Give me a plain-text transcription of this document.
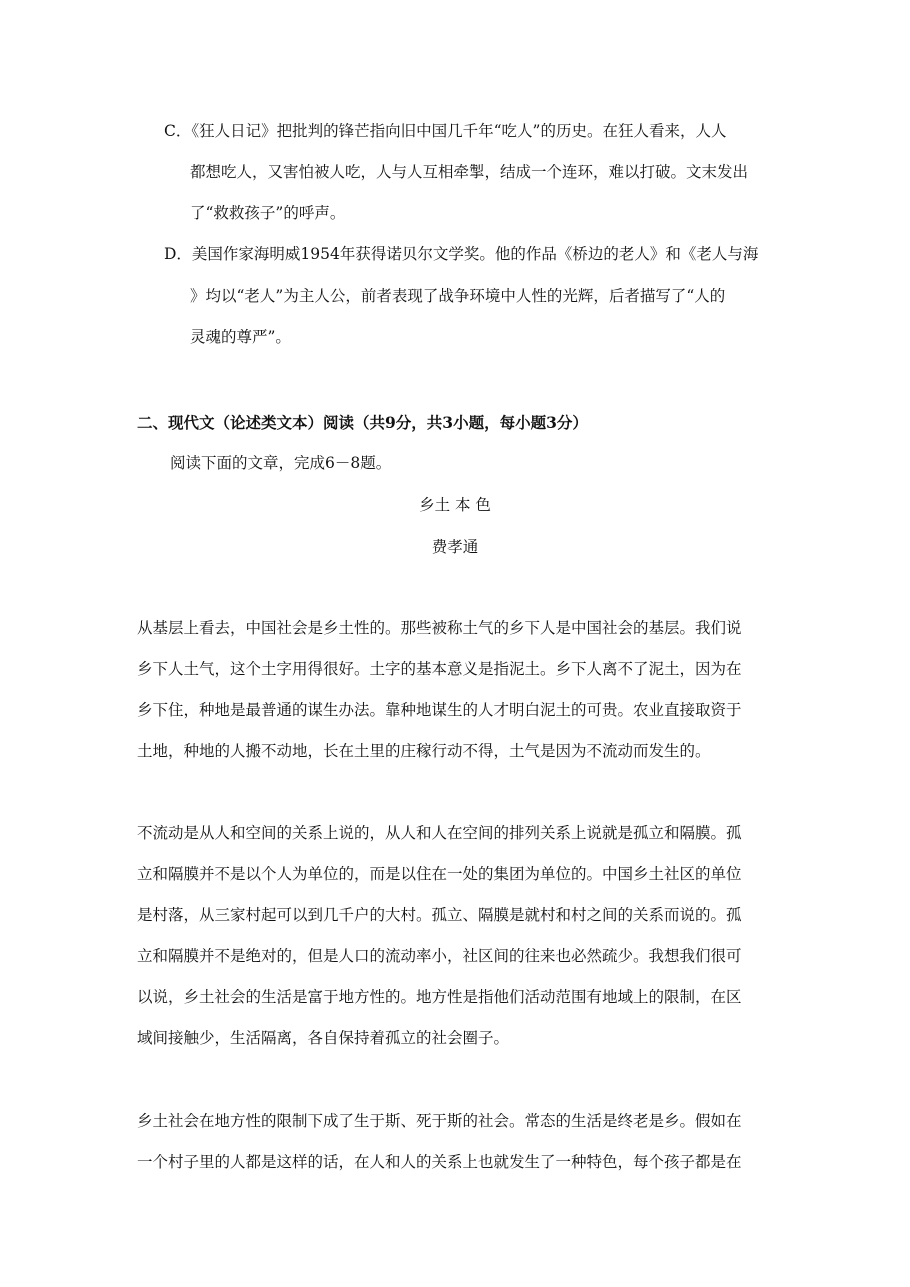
C．《狂人日记》把批判的锋芒指向旧中国几千年“吃人”的历史。在狂人看来，人人
都想吃人，又害怕被人吃，人与人互相牵掣，结成一个连环，难以打破。文末发出
了“救救孩子”的呼声。
D．美国作家海明威1954年获得诺贝尔文学奖。他的作品《桥边的老人》和《老人与海
》均以“老人”为主人公，前者表现了战争环境中人性的光辉，后者描写了“人的
灵魂的尊严”。
二、现代文（论述类文本）阅读（共9分，共3小题，每小题3分）
阅读下面的文章，完成6－8题。
乡土 本 色
费孝通
从基层上看去，中国社会是乡土性的。那些被称土气的乡下人是中国社会的基层。我们说
乡下人土气，这个土字用得很好。土字的基本意义是指泥土。乡下人离不了泥土，因为在
乡下住，种地是最普通的谋生办法。靠种地谋生的人才明白泥土的可贵。农业直接取资于
土地，种地的人搬不动地，长在土里的庄稼行动不得，土气是因为不流动而发生的。
不流动是从人和空间的关系上说的，从人和人在空间的排列关系上说就是孤立和隔膜。孤
立和隔膜并不是以个人为单位的，而是以住在一处的集团为单位的。中国乡土社区的单位
是村落，从三家村起可以到几千户的大村。孤立、隔膜是就村和村之间的关系而说的。孤
立和隔膜并不是绝对的，但是人口的流动率小，社区间的往来也必然疏少。我想我们很可
以说，乡土社会的生活是富于地方性的。地方性是指他们活动范围有地域上的限制，在区
域间接触少，生活隔离，各自保持着孤立的社会圈子。
乡土社会在地方性的限制下成了生于斯、死于斯的社会。常态的生活是终老是乡。假如在
一个村子里的人都是这样的话，在人和人的关系上也就发生了一种特色，每个孩子都是在
